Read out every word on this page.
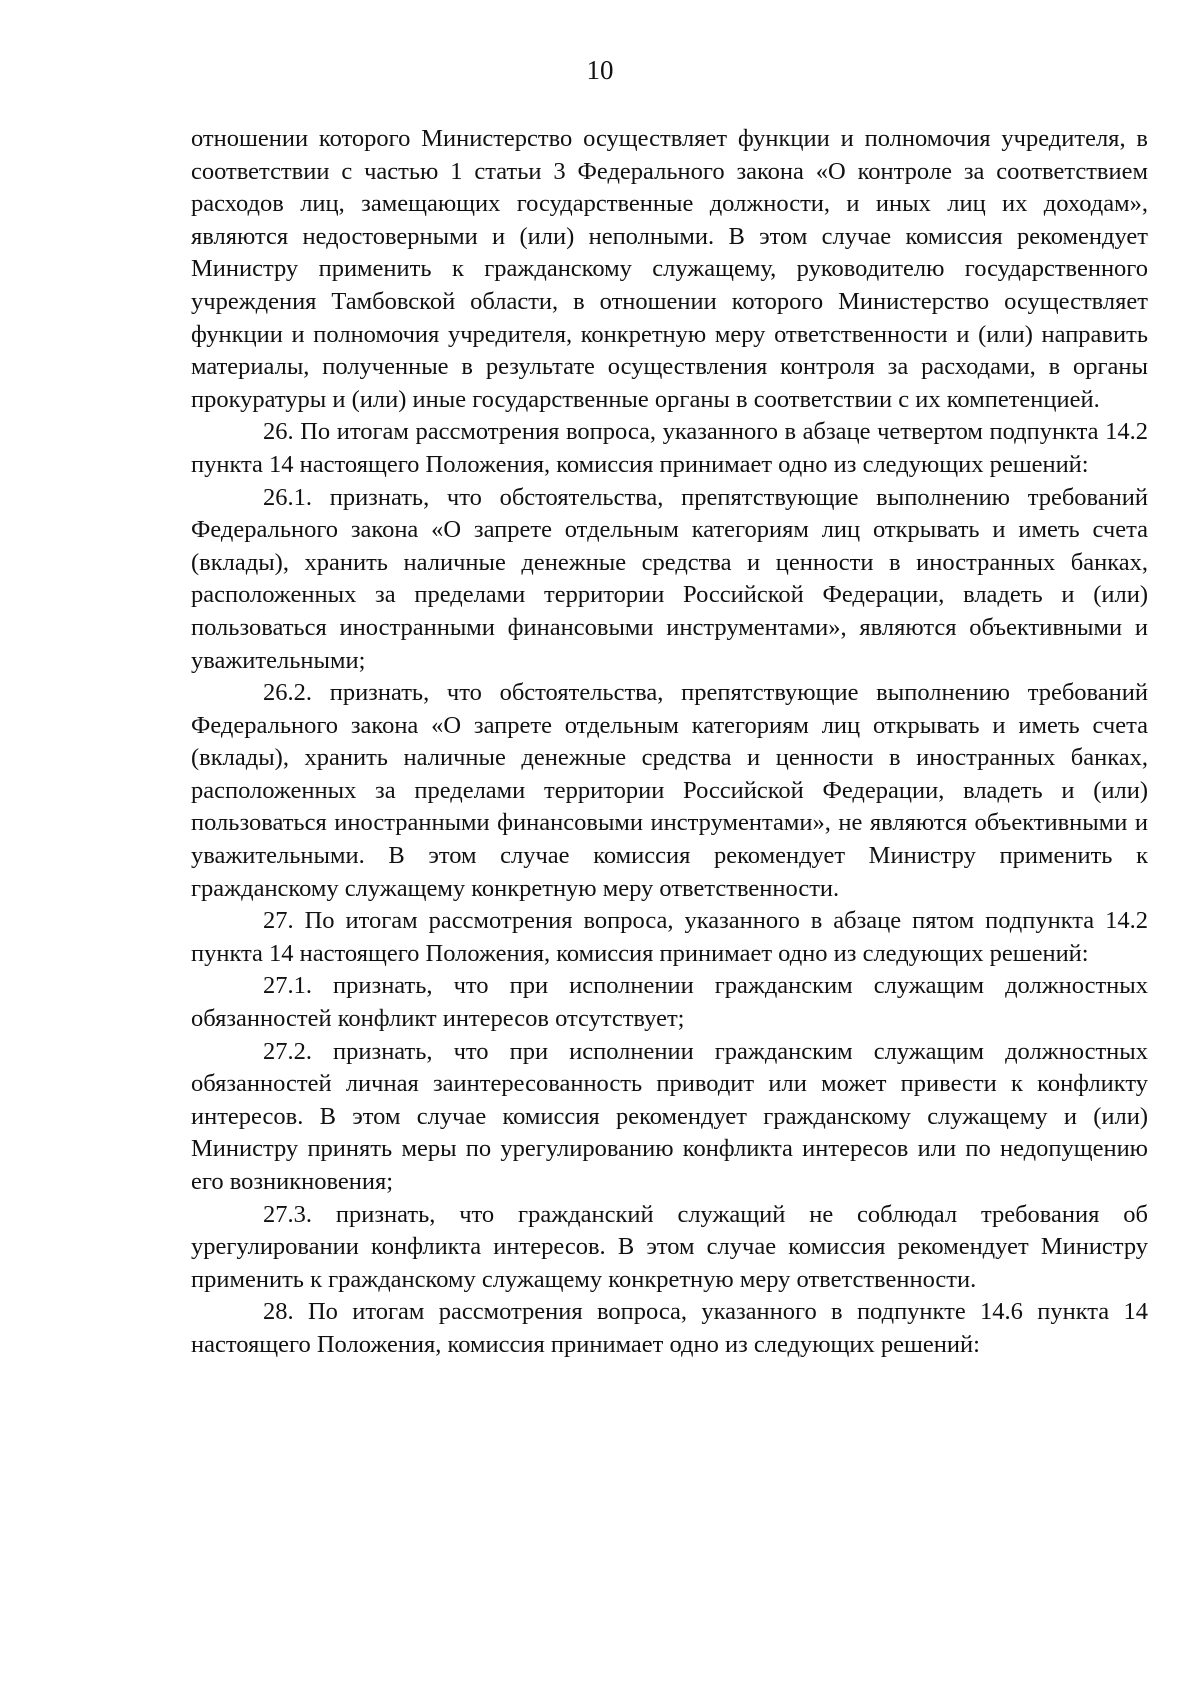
10

отношении которого Министерство осуществляет функции и полномочия учредителя, в соответствии с частью 1 статьи 3 Федерального закона «О контроле за соответствием расходов лиц, замещающих государственные должности, и иных лиц их доходам», являются недостоверными и (или) неполными. В этом случае комиссия рекомендует Министру применить к гражданскому служащему, руководителю государственного учреждения Тамбовской области, в отношении которого Министерство осуществляет функции и полномочия учредителя, конкретную меру ответственности и (или) направить материалы, полученные в результате осуществления контроля за расходами, в органы прокуратуры и (или) иные государственные органы в соответствии с их компетенцией.

26. По итогам рассмотрения вопроса, указанного в абзаце четвертом подпункта 14.2 пункта 14 настоящего Положения, комиссия принимает одно из следующих решений:

26.1. признать, что обстоятельства, препятствующие выполнению требований Федерального закона «О запрете отдельным категориям лиц открывать и иметь счета (вклады), хранить наличные денежные средства и ценности в иностранных банках, расположенных за пределами территории Российской Федерации, владеть и (или) пользоваться иностранными финансовыми инструментами», являются объективными и уважительными;

26.2. признать, что обстоятельства, препятствующие выполнению требований Федерального закона «О запрете отдельным категориям лиц открывать и иметь счета (вклады), хранить наличные денежные средства и ценности в иностранных банках, расположенных за пределами территории Российской Федерации, владеть и (или) пользоваться иностранными финансовыми инструментами», не являются объективными и уважительными. В этом случае комиссия рекомендует Министру применить к гражданскому служащему конкретную меру ответственности.

27. По итогам рассмотрения вопроса, указанного в абзаце пятом подпункта 14.2 пункта 14 настоящего Положения, комиссия принимает одно из следующих решений:

27.1. признать, что при исполнении гражданским служащим должностных обязанностей конфликт интересов отсутствует;

27.2. признать, что при исполнении гражданским служащим должностных обязанностей личная заинтересованность приводит или может привести к конфликту интересов. В этом случае комиссия рекомендует гражданскому служащему и (или) Министру принять меры по урегулированию конфликта интересов или по недопущению его возникновения;

27.3. признать, что гражданский служащий не соблюдал требования об урегулировании конфликта интересов. В этом случае комиссия рекомендует Министру применить к гражданскому служащему конкретную меру ответственности.

28. По итогам рассмотрения вопроса, указанного в подпункте 14.6 пункта 14 настоящего Положения, комиссия принимает одно из следующих решений:
